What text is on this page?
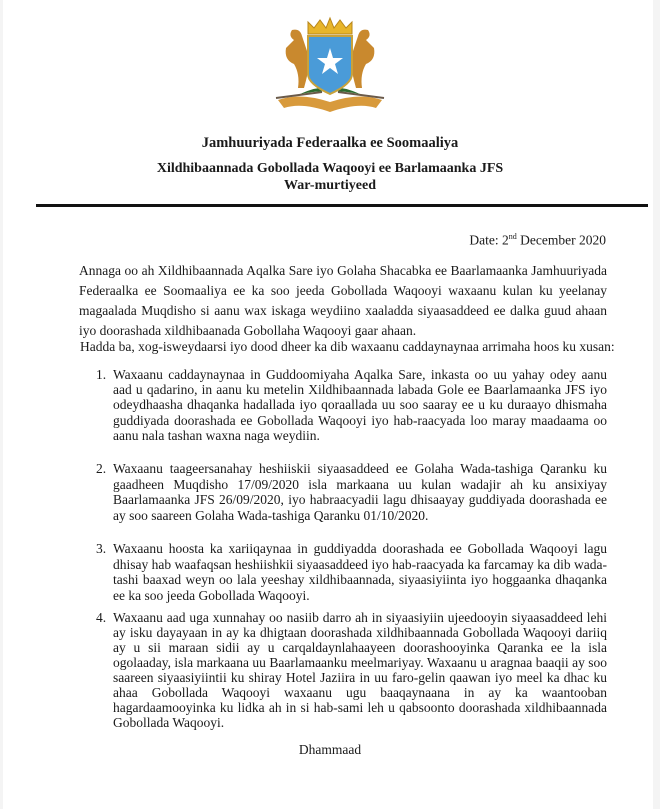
Jamhuuriyada Federaalka ee Soomaaliya
Xildhibaannada Gobollada Waqooyi ee Barlamaanka JFS
War-murtiyeed
Date: 2nd December 2020

Annaga oo ah Xildhibaannada Aqalka Sare iyo Golaha Shacabka ee Baarlamaanka Jamhuuriyada Federaalka ee Soomaaliya ee ka soo jeeda Gobollada Waqooyi waxaanu kulan ku yeelanay magaalada Muqdisho si aanu wax iskaga weydiino xaaladda siyaasaddeed ee dalka guud ahaan iyo doorashada xildhibaanada Gobollaha Waqooyi gaar ahaan.

Hadda ba, xog-isweydaarsi iyo dood dheer ka dib waxaanu caddaynaynaa arrimaha hoos ku xusan:

1. Waxaanu caddaynaynaa in Guddoomiyaha Aqalka Sare, inkasta oo uu yahay odey aanu aad u qadarino, in aanu ku metelin Xildhibaannada labada Gole ee Baarlamaanka JFS iyo odeydhaasha dhaqanka hadallada iyo qoraallada uu soo saaray ee u ku duraayo dhismaha guddiyada doorashada ee Gobollada Waqooyi iyo hab-raacyada loo maray maadaama oo aanu nala tashan waxna naga weydiin.
2. Waxaanu taageersanahay heshiiskii siyaasaddeed ee Golaha Wada-tashiga Qaranku ku gaadheen Muqdisho 17/09/2020 isla markaana uu kulan wadajir ah ku ansixiyay Baarlamaanka JFS 26/09/2020, iyo habraacyadii lagu dhisaayay guddiyada doorashada ee ay soo saareen Golaha Wada-tashiga Qaranku 01/10/2020.
3. Waxaanu hoosta ka xariiqaynaa in guddiyadda doorashada ee Gobollada Waqooyi lagu dhisay hab waafaqsan heshiishkii siyaasaddeed iyo hab-raacyada ka farcamay ka dib wada-tashi baaxad weyn oo lala yeeshay xildhibaannada, siyaasiyiinta iyo hoggaanka dhaqanka ee ka soo jeeda Gobollada Waqooyi.
4. Waxaanu aad uga xunnahay oo nasiib darro ah in siyaasiyiin ujeedooyin siyaasaddeed lehi ay isku dayayaan in ay ka dhigtaan doorashada xildhibaannada Gobollada Waqooyi dariiq ay u sii maraan sidii ay u carqaldaynlahaayeen doorashooyinka Qaranka ee la isla ogolaaday, isla markaana uu Baarlamaanku meelmariyay. Waxaanu u aragnaa baaqii ay soo saareen siyaasiyiintii ku shiray Hotel Jaziira in uu faro-gelin qaawan iyo meel ka dhac ku ahaa Gobollada Waqooyi waxaanu ugu baaqaynaana in ay ka waantooban hagardaamooyinka ku lidka ah in si hab-sami leh u qabsoonto doorashada xildhibaannada Gobollada Waqooyi.
Dhammaad
